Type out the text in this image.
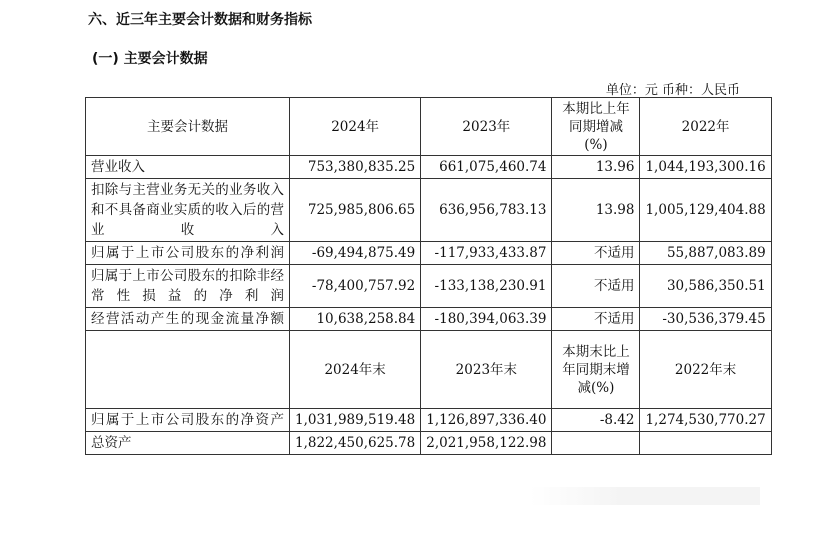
六、近三年主要会计数据和财务指标
(一) 主要会计数据
单位：元 币种：人民币
主要会计数据	2024年	2023年	本期比上年同期增减(%)	2022年
营业收入	753,380,835.25	661,075,460.74	13.96	1,044,193,300.16
扣除与主营业务无关的业务收入和不具备商业实质的收入后的营业收入	725,985,806.65	636,956,783.13	13.98	1,005,129,404.88
归属于上市公司股东的净利润	-69,494,875.49	-117,933,433.87	不适用	55,887,083.89
归属于上市公司股东的扣除非经常性损益的净利润	-78,400,757.92	-133,138,230.91	不适用	30,586,350.51
经营活动产生的现金流量净额	10,638,258.84	-180,394,063.39	不适用	-30,536,379.45
	2024年末	2023年末	本期末比上年同期末增减(%)	2022年末
归属于上市公司股东的净资产	1,031,989,519.48	1,126,897,336.40	-8.42	1,274,530,770.27
总资产	1,822,450,625.78	2,021,958,122.98		
